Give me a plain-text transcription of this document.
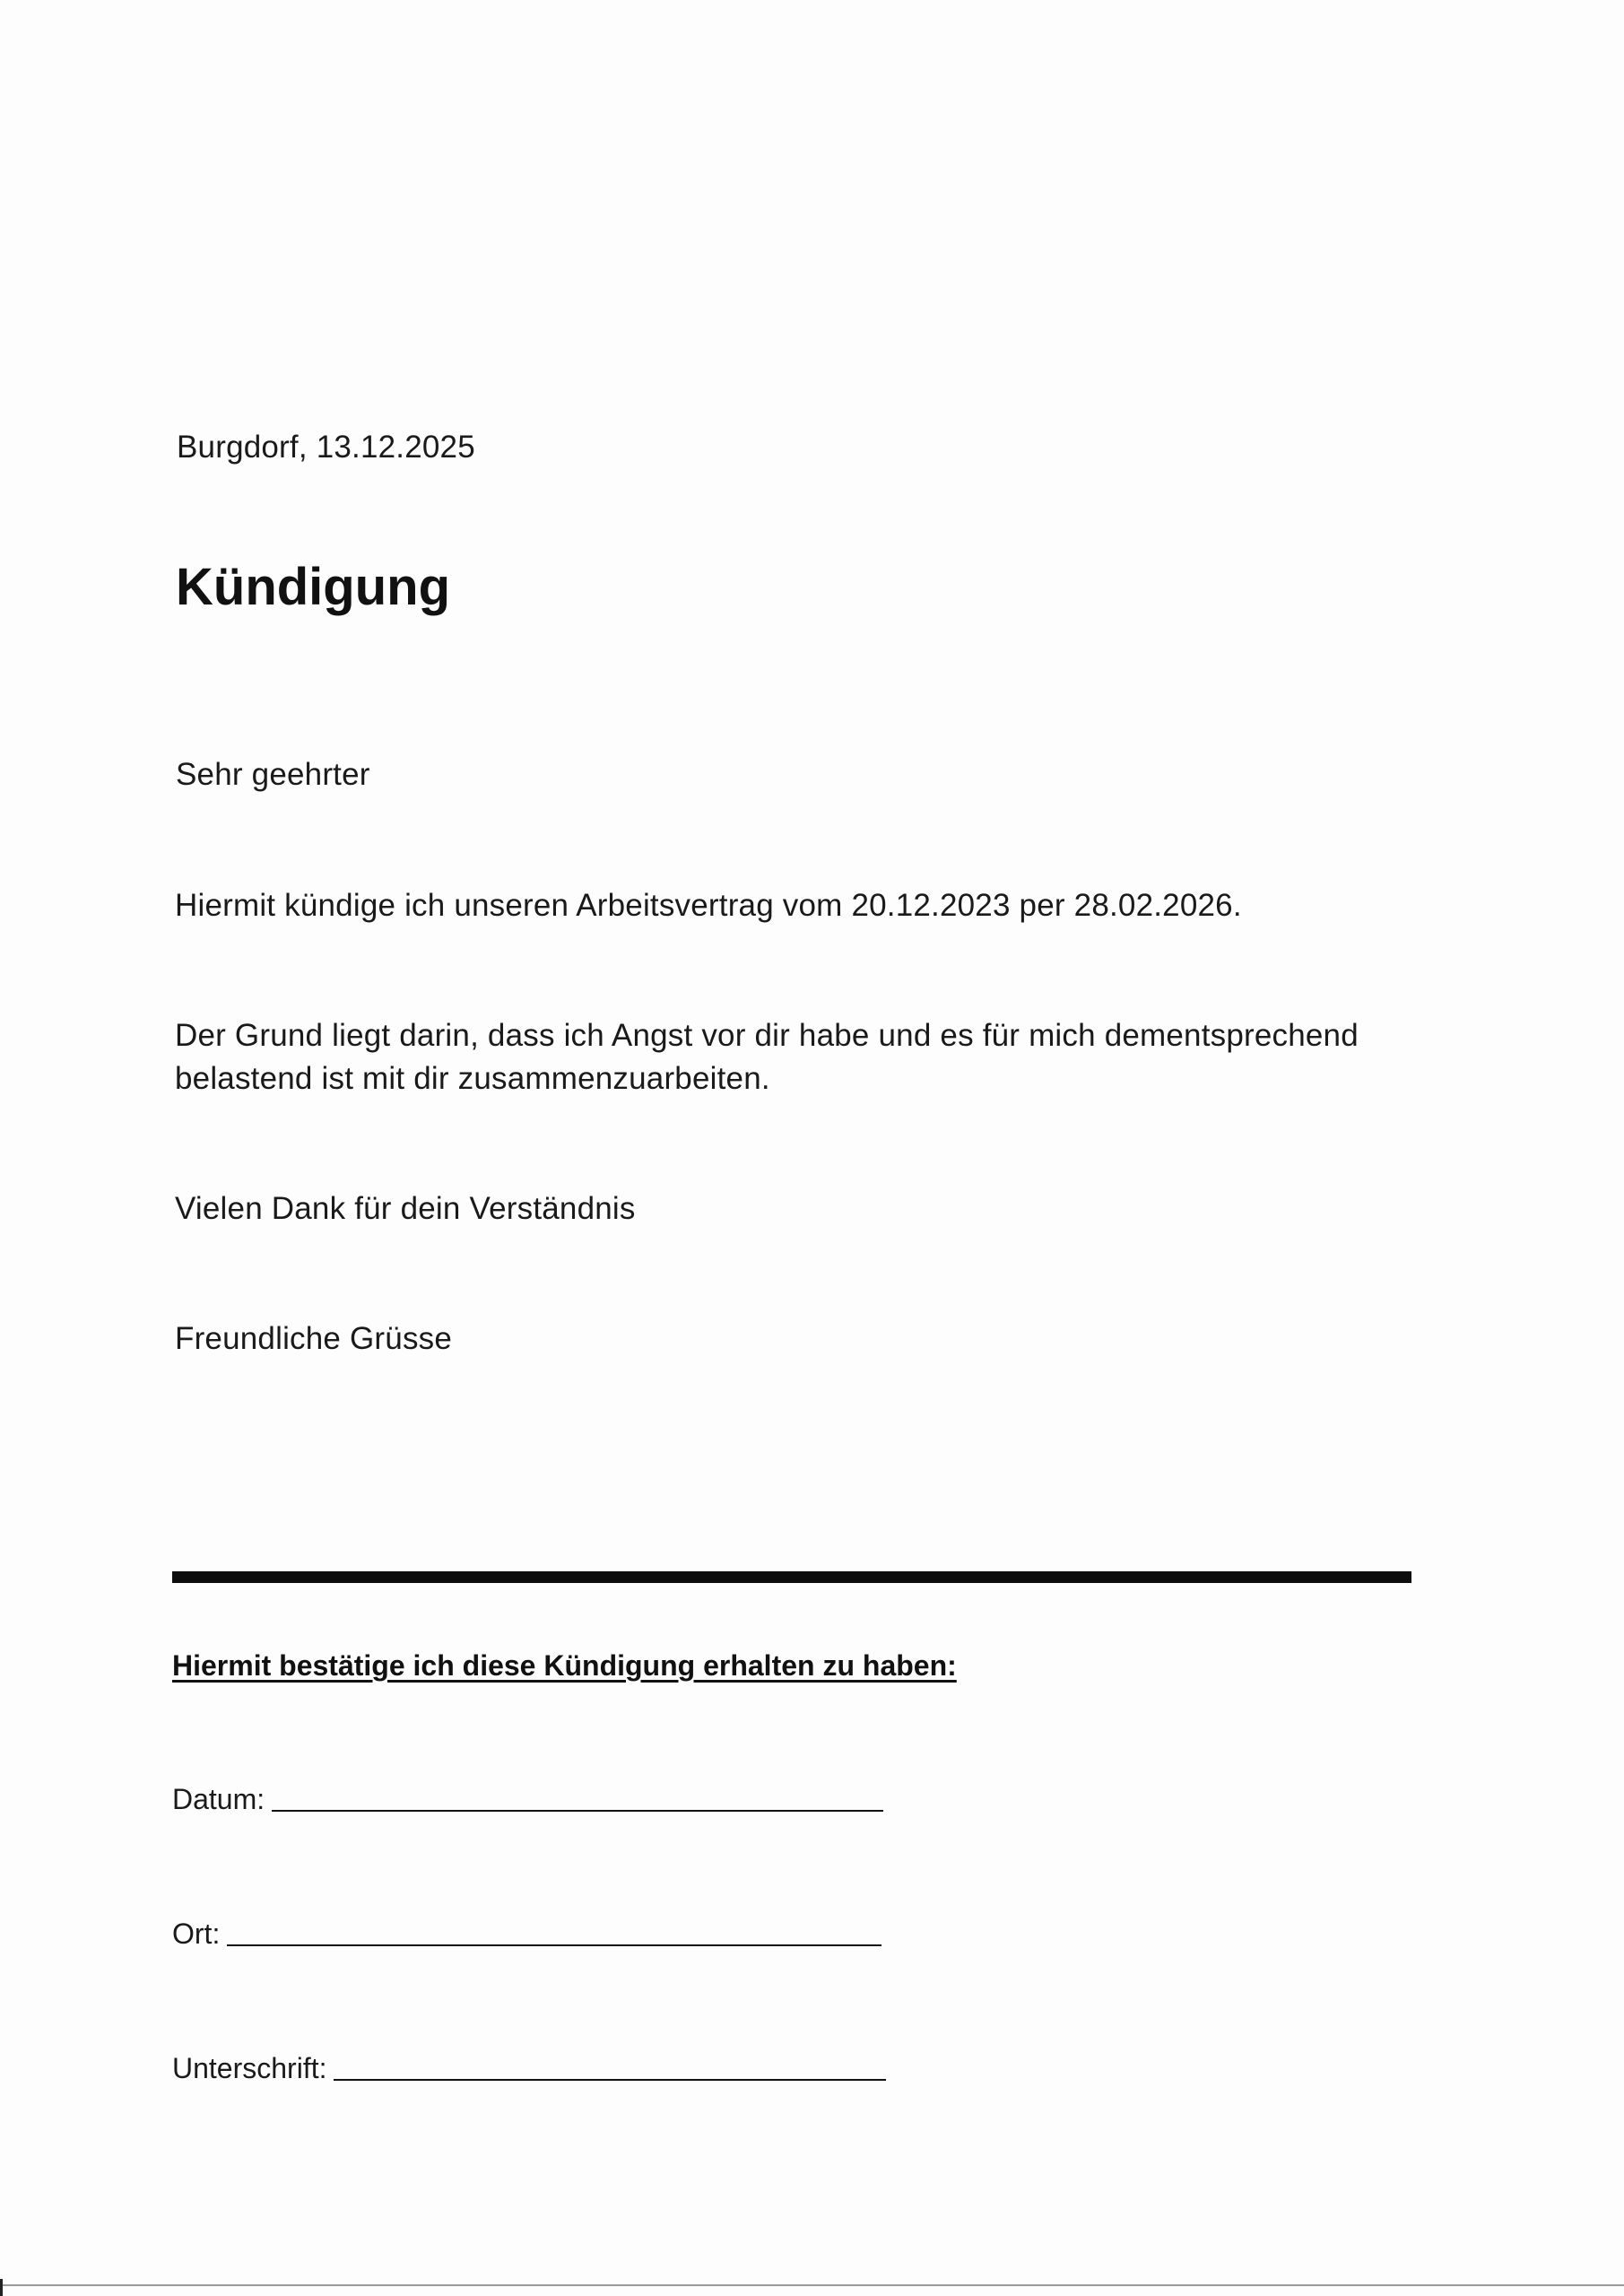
Burgdorf, 13.12.2025
Kündigung
Sehr geehrter
Hiermit kündige ich unseren Arbeitsvertrag vom 20.12.2023 per 28.02.2026.
Der Grund liegt darin, dass ich Angst vor dir habe und es für mich dementsprechend
belastend ist mit dir zusammenzuarbeiten.
Vielen Dank für dein Verständnis
Freundliche Grüsse
Hiermit bestätige ich diese Kündigung erhalten zu haben:
Datum:
Ort:
Unterschrift:
